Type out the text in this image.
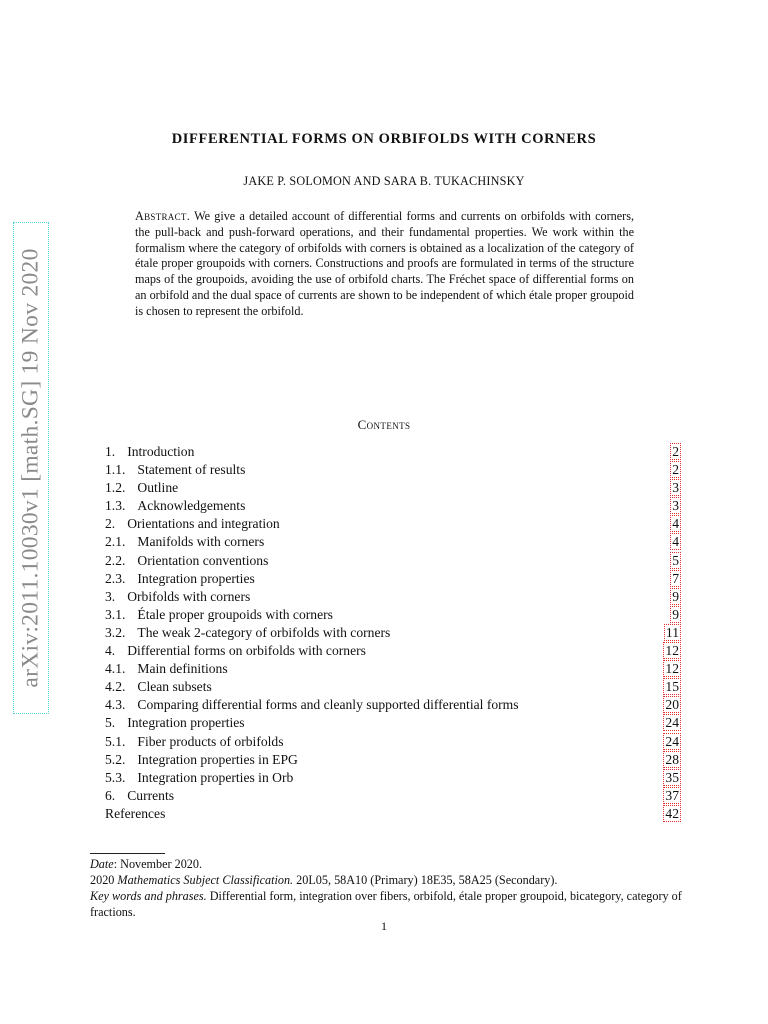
arXiv:2011.10030v1 [math.SG] 19 Nov 2020
DIFFERENTIAL FORMS ON ORBIFOLDS WITH CORNERS
JAKE P. SOLOMON AND SARA B. TUKACHINSKY
Abstract. We give a detailed account of differential forms and currents on orbifolds with corners, the pull-back and push-forward operations, and their fundamental properties. We work within the formalism where the category of orbifolds with corners is obtained as a localization of the category of étale proper groupoids with corners. Constructions and proofs are formulated in terms of the structure maps of the groupoids, avoiding the use of orbifold charts. The Fréchet space of differential forms on an orbifold and the dual space of currents are shown to be independent of which étale proper groupoid is chosen to represent the orbifold.
Contents
1. Introduction	2
1.1. Statement of results	2
1.2. Outline	3
1.3. Acknowledgements	3
2. Orientations and integration	4
2.1. Manifolds with corners	4
2.2. Orientation conventions	5
2.3. Integration properties	7
3. Orbifolds with corners	9
3.1. Étale proper groupoids with corners	9
3.2. The weak 2-category of orbifolds with corners	11
4. Differential forms on orbifolds with corners	12
4.1. Main definitions	12
4.2. Clean subsets	15
4.3. Comparing differential forms and cleanly supported differential forms	20
5. Integration properties	24
5.1. Fiber products of orbifolds	24
5.2. Integration properties in EPG	28
5.3. Integration properties in Orb	35
6. Currents	37
References	42
Date: November 2020.
2020 Mathematics Subject Classification. 20L05, 58A10 (Primary) 18E35, 58A25 (Secondary).
Key words and phrases. Differential form, integration over fibers, orbifold, étale proper groupoid, bicategory, category of fractions.
1
